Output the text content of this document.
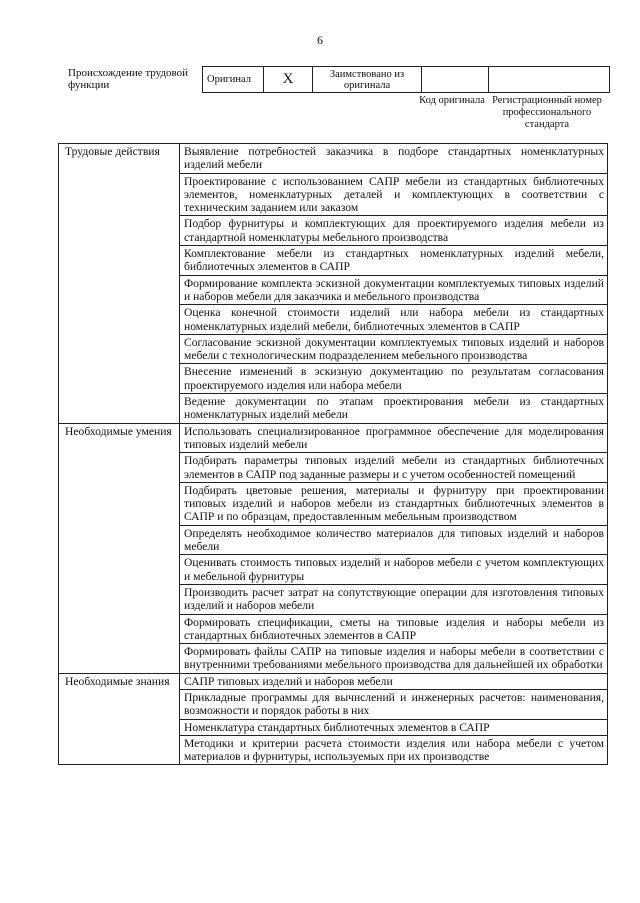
6
Происхождение трудовой функции	Оригинал	X	Заимствовано из оригинала		
Код оригинала Регистрационный номер профессионального стандарта
Трудовые действия	Выявление потребностей заказчика в подборе стандартных номенклатурных изделий мебели
	Проектирование с использованием САПР мебели из стандартных библиотечных элементов, номенклатурных деталей и комплектующих в соответствии с техническим заданием или заказом
	Подбор фурнитуры и комплектующих для проектируемого изделия мебели из стандартной номенклатуры мебельного производства
	Комплектование мебели из стандартных номенклатурных изделий мебели, библиотечных элементов в САПР
	Формирование комплекта эскизной документации комплектуемых типовых изделий и наборов мебели для заказчика и мебельного производства
	Оценка конечной стоимости изделий или набора мебели из стандартных номенклатурных изделий мебели, библиотечных элементов в САПР
	Согласование эскизной документации комплектуемых типовых изделий и наборов мебели с технологическим подразделением мебельного производства
	Внесение изменений в эскизную документацию по результатам согласования проектируемого изделия или набора мебели
	Ведение документации по этапам проектирования мебели из стандартных номенклатурных изделий мебели
Необходимые умения	Использовать специализированное программное обеспечение для моделирования типовых изделий мебели
	Подбирать параметры типовых изделий мебели из стандартных библиотечных элементов в САПР под заданные размеры и с учетом особенностей помещений
	Подбирать цветовые решения, материалы и фурнитуру при проектировании типовых изделий и наборов мебели из стандартных библиотечных элементов в САПР и по образцам, предоставленным мебельным производством
	Определять необходимое количество материалов для типовых изделий и наборов мебели
	Оценивать стоимость типовых изделий и наборов мебели с учетом комплектующих и мебельной фурнитуры
	Производить расчет затрат на сопутствующие операции для изготовления типовых изделий и наборов мебели
	Формировать спецификации, сметы на типовые изделия и наборы мебели из стандартных библиотечных элементов в САПР
	Формировать файлы САПР на типовые изделия и наборы мебели в соответствии с внутренними требованиями мебельного производства для дальнейшей их обработки
Необходимые знания	САПР типовых изделий и наборов мебели
	Прикладные программы для вычислений и инженерных расчетов: наименования, возможности и порядок работы в них
	Номенклатура стандартных библиотечных элементов в САПР
	Методики и критерии расчета стоимости изделия или набора мебели с учетом материалов и фурнитуры, используемых при их производстве
